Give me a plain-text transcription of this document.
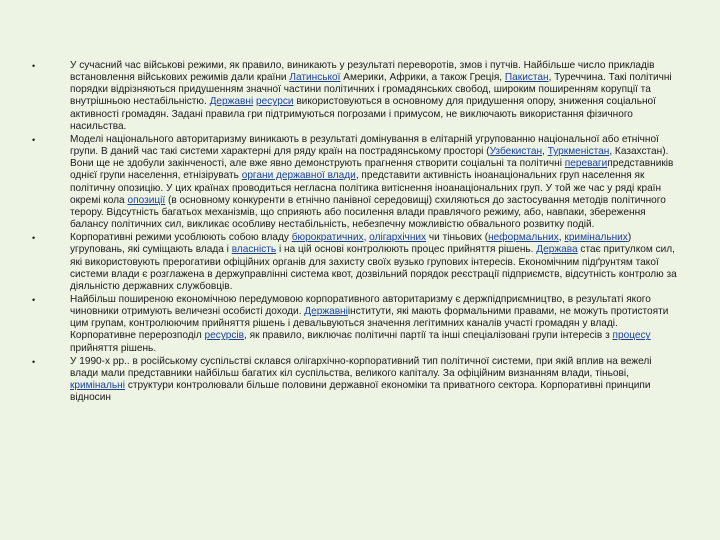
•	У сучасний час військові режими, як правило, виникають у результаті переворотів, змов і путчів. Найбільше число прикладів встановлення військових режимів дали країни Латинської Америки, Африки, а також Греція, Пакистан, Туреччина. Такі політичні порядки відрізняються придушенням значної частини політичних і громадянських свобод, широким поширенням корупції та внутрішньою нестабільністю. Державні ресурси використовуються в основному для придушення опору, зниження соціальної активності громадян. Задані правила гри підтримуються погрозами і примусом, не виключають використання фізичного насильства.
•	Моделі національного авторитаризму виникають в результаті домінування в елітарній угрупованню національної або етнічної групи. В даний час такі системи характерні для ряду країн на пострадянському просторі (Узбекистан, Туркменістан, Казахстан). Вони ще не здобули закінченості, але вже явно демонструють прагнення створити соціальні та політичні перевагипредставників однієї групи населення, етнізірувать органи державної влади, представити активність іноанаціональних груп населення як політичну опозицію. У цих країнах проводиться негласна політика витіснення іноанаціональних груп. У той же час у ряді країн окремі кола опозиції (в основному конкуренти в етнічно панівної середовищі) схиляються до застосування методів політичного терору. Відсутність багатьох механізмів, що сприяють або посилення влади правлячого режиму, або, навпаки, збереження балансу політичних сил, викликає особливу нестабільність, небезпечну можливістю обвального розвитку подій.
•	Корпоративні режими усоблюють собою владу бюрократичних, олігархічних чи тіньових (неформальних, кримінальних) угруповань, які суміщають влада і власність і на цій основі контролюють процес прийняття рішень. Держава стає притулком сил, які використовують прерогативи офіційних органів для захисту своїх вузько групових інтересів. Економічним підґрунтям такої системи влади є розглажена в держуправлінні система квот, дозвільний порядок реєстрації підприємств, відсутність контролю за діяльністю державних службовців.
•	Найбільш поширеною економічною передумовою корпоративного авторитаризму є держпідприємництво, в результаті якого чиновники отримують величезні особисті доходи. Державніінститути, які мають формальними правами, не можуть протистояти цим групам, контролюючим прийняття рішень і девальвуються значення легітимних каналів участі громадян у владі. Корпоративне перерозподіл ресурсів, як правило, виключає політичні партії та інші спеціалізовані групи інтересів з процесу прийняття рішень.
•	У 1990-х рр.. в російському суспільстві склався олігархічно-корпоративний тип політичної системи, при якій вплив на вежелі влади мали представники найбільш багатих кіл суспільства, великого капіталу. За офіційним визнанням влади, тіньові, кримінальні структури контролювали більше половини державної економіки та приватного сектора. Корпоративні принципи відносин
